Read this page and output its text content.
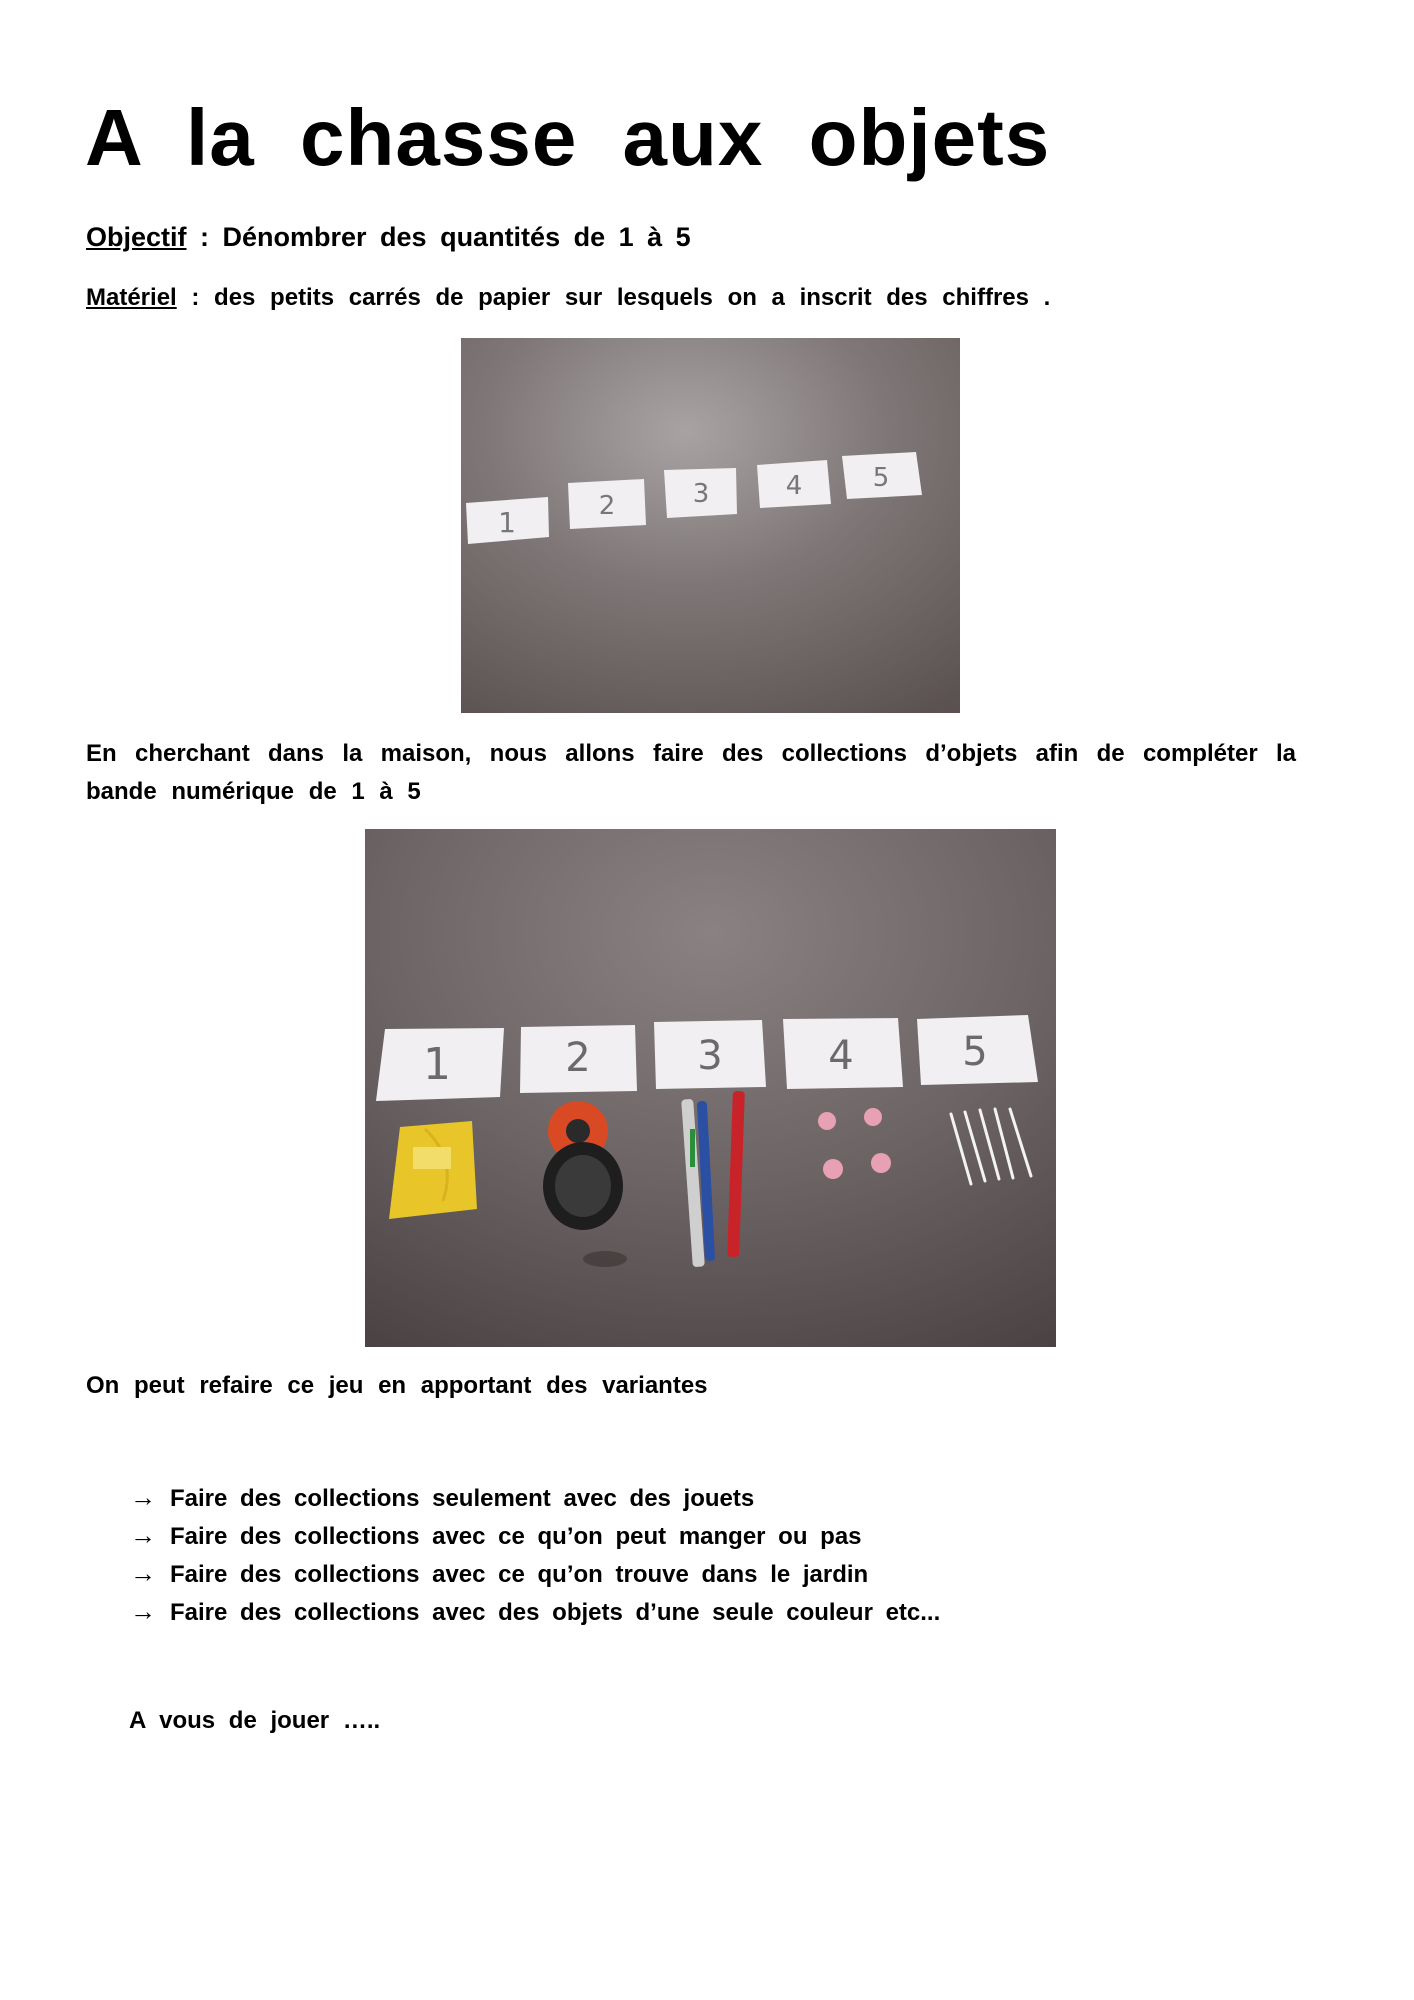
A la chasse aux objets
Objectif : Dénombrer des quantités de 1 à 5
Matériel : des petits carrés de papier sur lesquels on a inscrit des chiffres .
1	2	3	4	5

En cherchant dans la maison, nous allons faire des collections d’objets afin de compléter la bande numérique de 1 à 5

1	2	3	4	5

On peut refaire ce jeu en apportant des variantes

→ Faire des collections seulement avec des jouets
→ Faire des collections avec ce qu’on peut manger ou pas
→ Faire des collections avec ce qu’on trouve dans le jardin
→ Faire des collections avec des objets d’une seule couleur etc...
A vous de jouer …..
